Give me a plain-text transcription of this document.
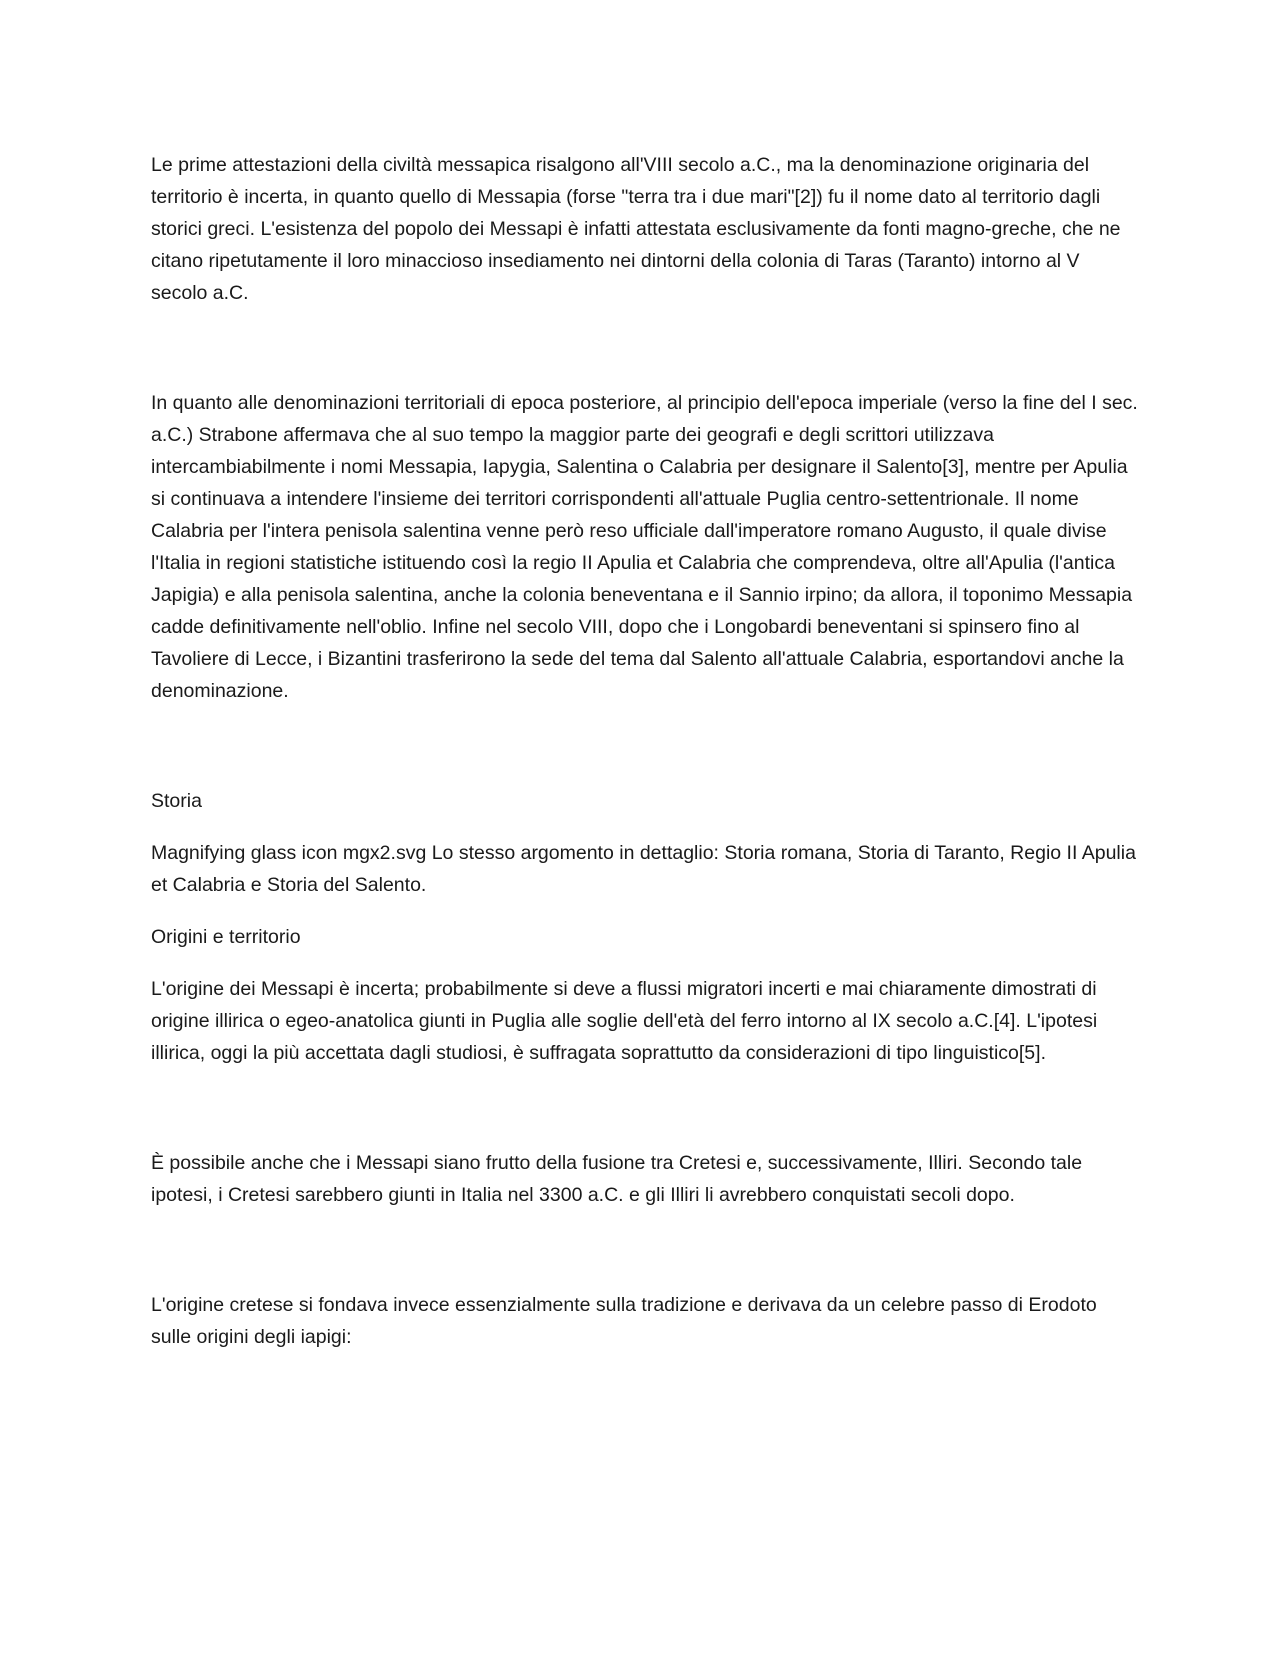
Le prime attestazioni della civiltà messapica risalgono all'VIII secolo a.C., ma la denominazione originaria del territorio è incerta, in quanto quello di Messapia (forse "terra tra i due mari"[2]) fu il nome dato al territorio dagli storici greci. L'esistenza del popolo dei Messapi è infatti attestata esclusivamente da fonti magno-greche, che ne citano ripetutamente il loro minaccioso insediamento nei dintorni della colonia di Taras (Taranto) intorno al V secolo a.C.

In quanto alle denominazioni territoriali di epoca posteriore, al principio dell'epoca imperiale (verso la fine del I sec. a.C.) Strabone affermava che al suo tempo la maggior parte dei geografi e degli scrittori utilizzava intercambiabilmente i nomi Messapia, Iapygia, Salentina o Calabria per designare il Salento[3], mentre per Apulia si continuava a intendere l'insieme dei territori corrispondenti all'attuale Puglia centro-settentrionale. Il nome Calabria per l'intera penisola salentina venne però reso ufficiale dall'imperatore romano Augusto, il quale divise l'Italia in regioni statistiche istituendo così la regio II Apulia et Calabria che comprendeva, oltre all'Apulia (l'antica Japigia) e alla penisola salentina, anche la colonia beneventana e il Sannio irpino; da allora, il toponimo Messapia cadde definitivamente nell'oblio. Infine nel secolo VIII, dopo che i Longobardi beneventani si spinsero fino al Tavoliere di Lecce, i Bizantini trasferirono la sede del tema dal Salento all'attuale Calabria, esportandovi anche la denominazione.

Storia

Magnifying glass icon mgx2.svg Lo stesso argomento in dettaglio: Storia romana, Storia di Taranto, Regio II Apulia et Calabria e Storia del Salento.

Origini e territorio

L'origine dei Messapi è incerta; probabilmente si deve a flussi migratori incerti e mai chiaramente dimostrati di origine illirica o egeo-anatolica giunti in Puglia alle soglie dell'età del ferro intorno al IX secolo a.C.[4]. L'ipotesi illirica, oggi la più accettata dagli studiosi, è suffragata soprattutto da considerazioni di tipo linguistico[5].

È possibile anche che i Messapi siano frutto della fusione tra Cretesi e, successivamente, Illiri. Secondo tale ipotesi, i Cretesi sarebbero giunti in Italia nel 3300 a.C. e gli Illiri li avrebbero conquistati secoli dopo.

L'origine cretese si fondava invece essenzialmente sulla tradizione e derivava da un celebre passo di Erodoto sulle origini degli iapigi:
